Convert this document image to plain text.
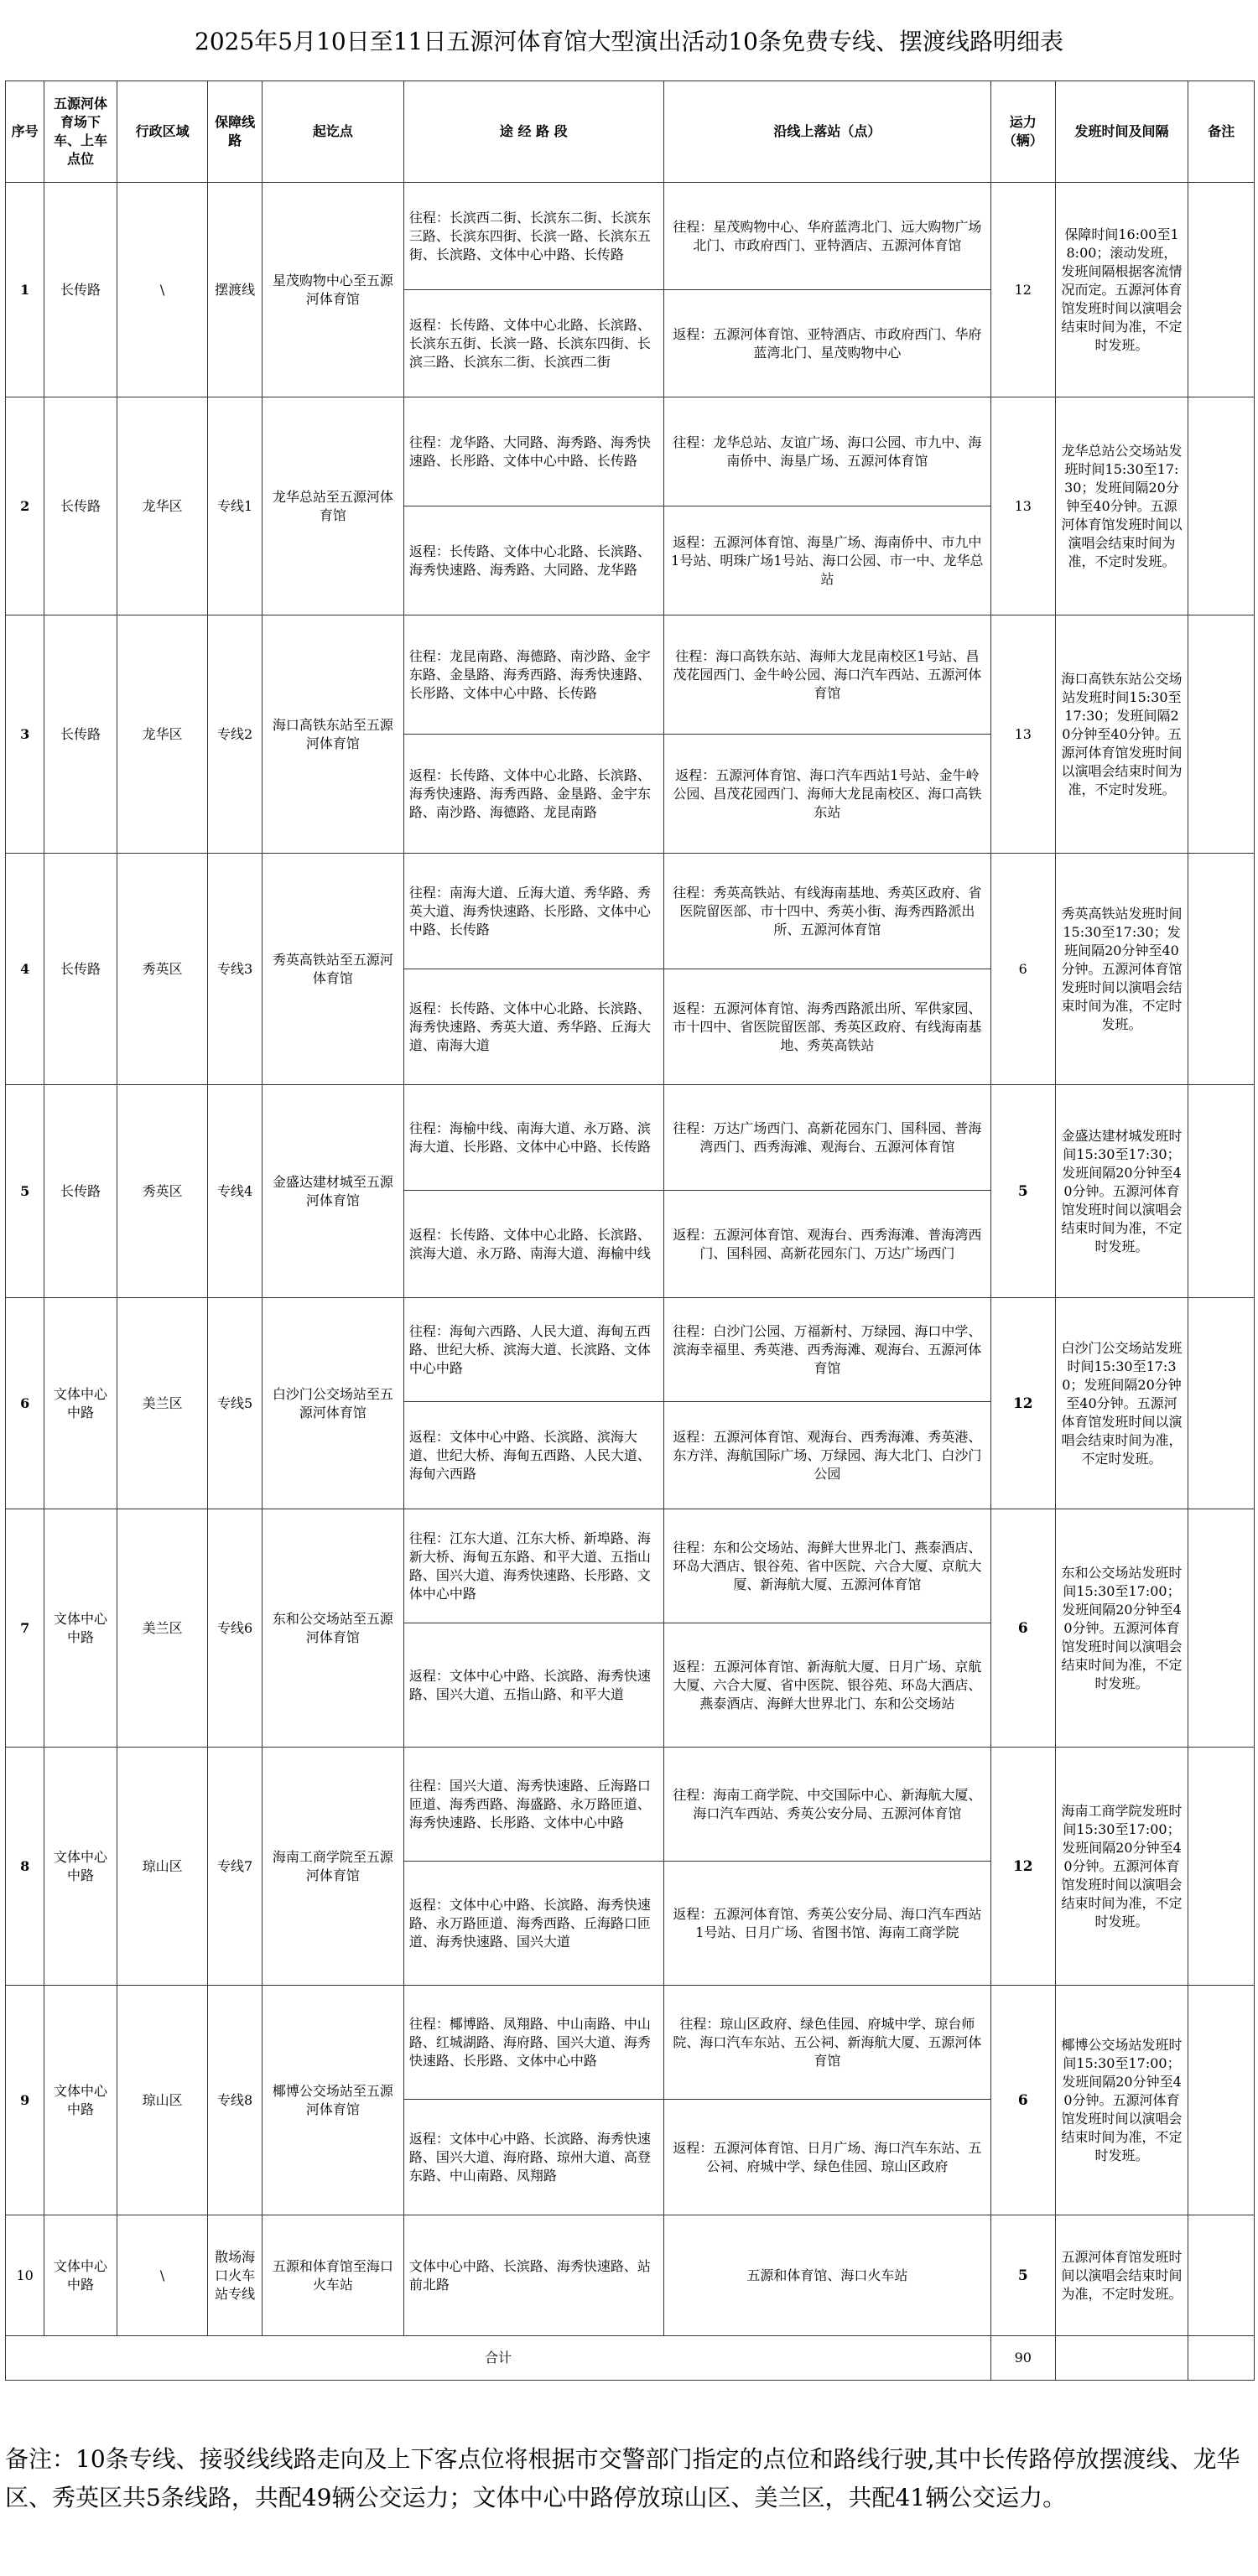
2025年5月10日至11日五源河体育馆大型演出活动10条免费专线、摆渡线路明细表
序号	五源河体育场下车、上车点位	行政区域	保障线路	起讫点	途 经 路 段	沿线上落站（点）	运力（辆）	发班时间及间隔	备注
1	长传路	\	摆渡线	星茂购物中心至五源河体育馆	往程：长滨西二街、长滨东二街、长滨东三路、长滨东四街、长滨一路、长滨东五街、长滨路、文体中心中路、长传路	往程：星茂购物中心、华府蓝湾北门、远大购物广场北门、市政府西门、亚特酒店、五源河体育馆	12	保障时间16:00至18:00；滚动发班，发班间隔根据客流情况而定。五源河体育馆发班时间以演唱会结束时间为准，不定时发班。	
					返程：长传路、文体中心北路、长滨路、长滨东五街、长滨一路、长滨东四街、长滨三路、长滨东二街、长滨西二街	返程：五源河体育馆、亚特酒店、市政府西门、华府蓝湾北门、星茂购物中心			
2	长传路	龙华区	专线1	龙华总站至五源河体育馆	往程：龙华路、大同路、海秀路、海秀快速路、长彤路、文体中心中路、长传路	往程：龙华总站、友谊广场、海口公园、市九中、海南侨中、海垦广场、五源河体育馆	13	龙华总站公交场站发班时间15:30至17:30；发班间隔20分钟至40分钟。五源河体育馆发班时间以演唱会结束时间为准，不定时发班。	
					返程：长传路、文体中心北路、长滨路、海秀快速路、海秀路、大同路、龙华路	返程：五源河体育馆、海垦广场、海南侨中、市九中1号站、明珠广场1号站、海口公园、市一中、龙华总站			
3	长传路	龙华区	专线2	海口高铁东站至五源河体育馆	往程：龙昆南路、海德路、南沙路、金宇东路、金垦路、海秀西路、海秀快速路、长彤路、文体中心中路、长传路	往程：海口高铁东站、海师大龙昆南校区1号站、昌茂花园西门、金牛岭公园、海口汽车西站、五源河体育馆	13	海口高铁东站公交场站发班时间15:30至17:30；发班间隔20分钟至40分钟。五源河体育馆发班时间以演唱会结束时间为准，不定时发班。	
					返程：长传路、文体中心北路、长滨路、海秀快速路、海秀西路、金垦路、金宇东路、南沙路、海德路、龙昆南路	返程：五源河体育馆、海口汽车西站1号站、金牛岭公园、昌茂花园西门、海师大龙昆南校区、海口高铁东站			
4	长传路	秀英区	专线3	秀英高铁站至五源河体育馆	往程：南海大道、丘海大道、秀华路、秀英大道、海秀快速路、长彤路、文体中心中路、长传路	往程：秀英高铁站、有线海南基地、秀英区政府、省医院留医部、市十四中、秀英小街、海秀西路派出所、五源河体育馆	6	秀英高铁站发班时间15:30至17:30；发班间隔20分钟至40分钟。五源河体育馆发班时间以演唱会结束时间为准，不定时发班。	
					返程：长传路、文体中心北路、长滨路、海秀快速路、秀英大道、秀华路、丘海大道、南海大道	返程：五源河体育馆、海秀西路派出所、军供家园、市十四中、省医院留医部、秀英区政府、有线海南基地、秀英高铁站			
5	长传路	秀英区	专线4	金盛达建材城至五源河体育馆	往程：海榆中线、南海大道、永万路、滨海大道、长彤路、文体中心中路、长传路	往程：万达广场西门、高新花园东门、国科园、普海湾西门、西秀海滩、观海台、五源河体育馆	5	金盛达建材城发班时间15:30至17:30；发班间隔20分钟至40分钟。五源河体育馆发班时间以演唱会结束时间为准，不定时发班。	
					返程：长传路、文体中心北路、长滨路、滨海大道、永万路、南海大道、海榆中线	返程：五源河体育馆、观海台、西秀海滩、普海湾西门、国科园、高新花园东门、万达广场西门			
6	文体中心中路	美兰区	专线5	白沙门公交场站至五源河体育馆	往程：海甸六西路、人民大道、海甸五西路、世纪大桥、滨海大道、长滨路、文体中心中路	往程：白沙门公园、万福新村、万绿园、海口中学、滨海幸福里、秀英港、西秀海滩、观海台、五源河体育馆	12	白沙门公交场站发班时间15:30至17:30；发班间隔20分钟至40分钟。五源河体育馆发班时间以演唱会结束时间为准，不定时发班。	
					返程：文体中心中路、长滨路、滨海大道、世纪大桥、海甸五西路、人民大道、海甸六西路	返程：五源河体育馆、观海台、西秀海滩、秀英港、东方洋、海航国际广场、万绿园、海大北门、白沙门公园			
7	文体中心中路	美兰区	专线6	东和公交场站至五源河体育馆	往程：江东大道、江东大桥、新埠路、海新大桥、海甸五东路、和平大道、五指山路、国兴大道、海秀快速路、长彤路、文体中心中路	往程：东和公交场站、海鲜大世界北门、燕泰酒店、环岛大酒店、银谷苑、省中医院、六合大厦、京航大厦、新海航大厦、五源河体育馆	6	东和公交场站发班时间15:30至17:00；发班间隔20分钟至40分钟。五源河体育馆发班时间以演唱会结束时间为准，不定时发班。	
					返程：文体中心中路、长滨路、海秀快速路、国兴大道、五指山路、和平大道	返程：五源河体育馆、新海航大厦、日月广场、京航大厦、六合大厦、省中医院、银谷苑、环岛大酒店、燕泰酒店、海鲜大世界北门、东和公交场站			
8	文体中心中路	琼山区	专线7	海南工商学院至五源河体育馆	往程：国兴大道、海秀快速路、丘海路口匝道、海秀西路、海盛路、永万路匝道、海秀快速路、长彤路、文体中心中路	往程：海南工商学院、中交国际中心、新海航大厦、海口汽车西站、秀英公安分局、五源河体育馆	12	海南工商学院发班时间15:30至17:00；发班间隔20分钟至40分钟。五源河体育馆发班时间以演唱会结束时间为准，不定时发班。	
					返程：文体中心中路、长滨路、海秀快速路、永万路匝道、海秀西路、丘海路口匝道、海秀快速路、国兴大道	返程：五源河体育馆、秀英公安分局、海口汽车西站1号站、日月广场、省图书馆、海南工商学院			
9	文体中心中路	琼山区	专线8	椰博公交场站至五源河体育馆	往程：椰博路、凤翔路、中山南路、中山路、红城湖路、海府路、国兴大道、海秀快速路、长彤路、文体中心中路	往程：琼山区政府、绿色佳园、府城中学、琼台师院、海口汽车东站、五公祠、新海航大厦、五源河体育馆	6	椰博公交场站发班时间15:30至17:00；发班间隔20分钟至40分钟。五源河体育馆发班时间以演唱会结束时间为准，不定时发班。	
					返程：文体中心中路、长滨路、海秀快速路、国兴大道、海府路、琼州大道、高登东路、中山南路、凤翔路	返程：五源河体育馆、日月广场、海口汽车东站、五公祠、府城中学、绿色佳园、琼山区政府			
10	文体中心中路	\	散场海口火车站专线	五源和体育馆至海口火车站	文体中心中路、长滨路、海秀快速路、站前北路	五源和体育馆、海口火车站	5	五源河体育馆发班时间以演唱会结束时间为准，不定时发班。	
合计							90		
备注：10条专线、接驳线线路走向及上下客点位将根据市交警部门指定的点位和路线行驶,其中长传路停放摆渡线、龙华区、秀英区共5条线路，共配49辆公交运力；文体中心中路停放琼山区、美兰区，共配41辆公交运力。
